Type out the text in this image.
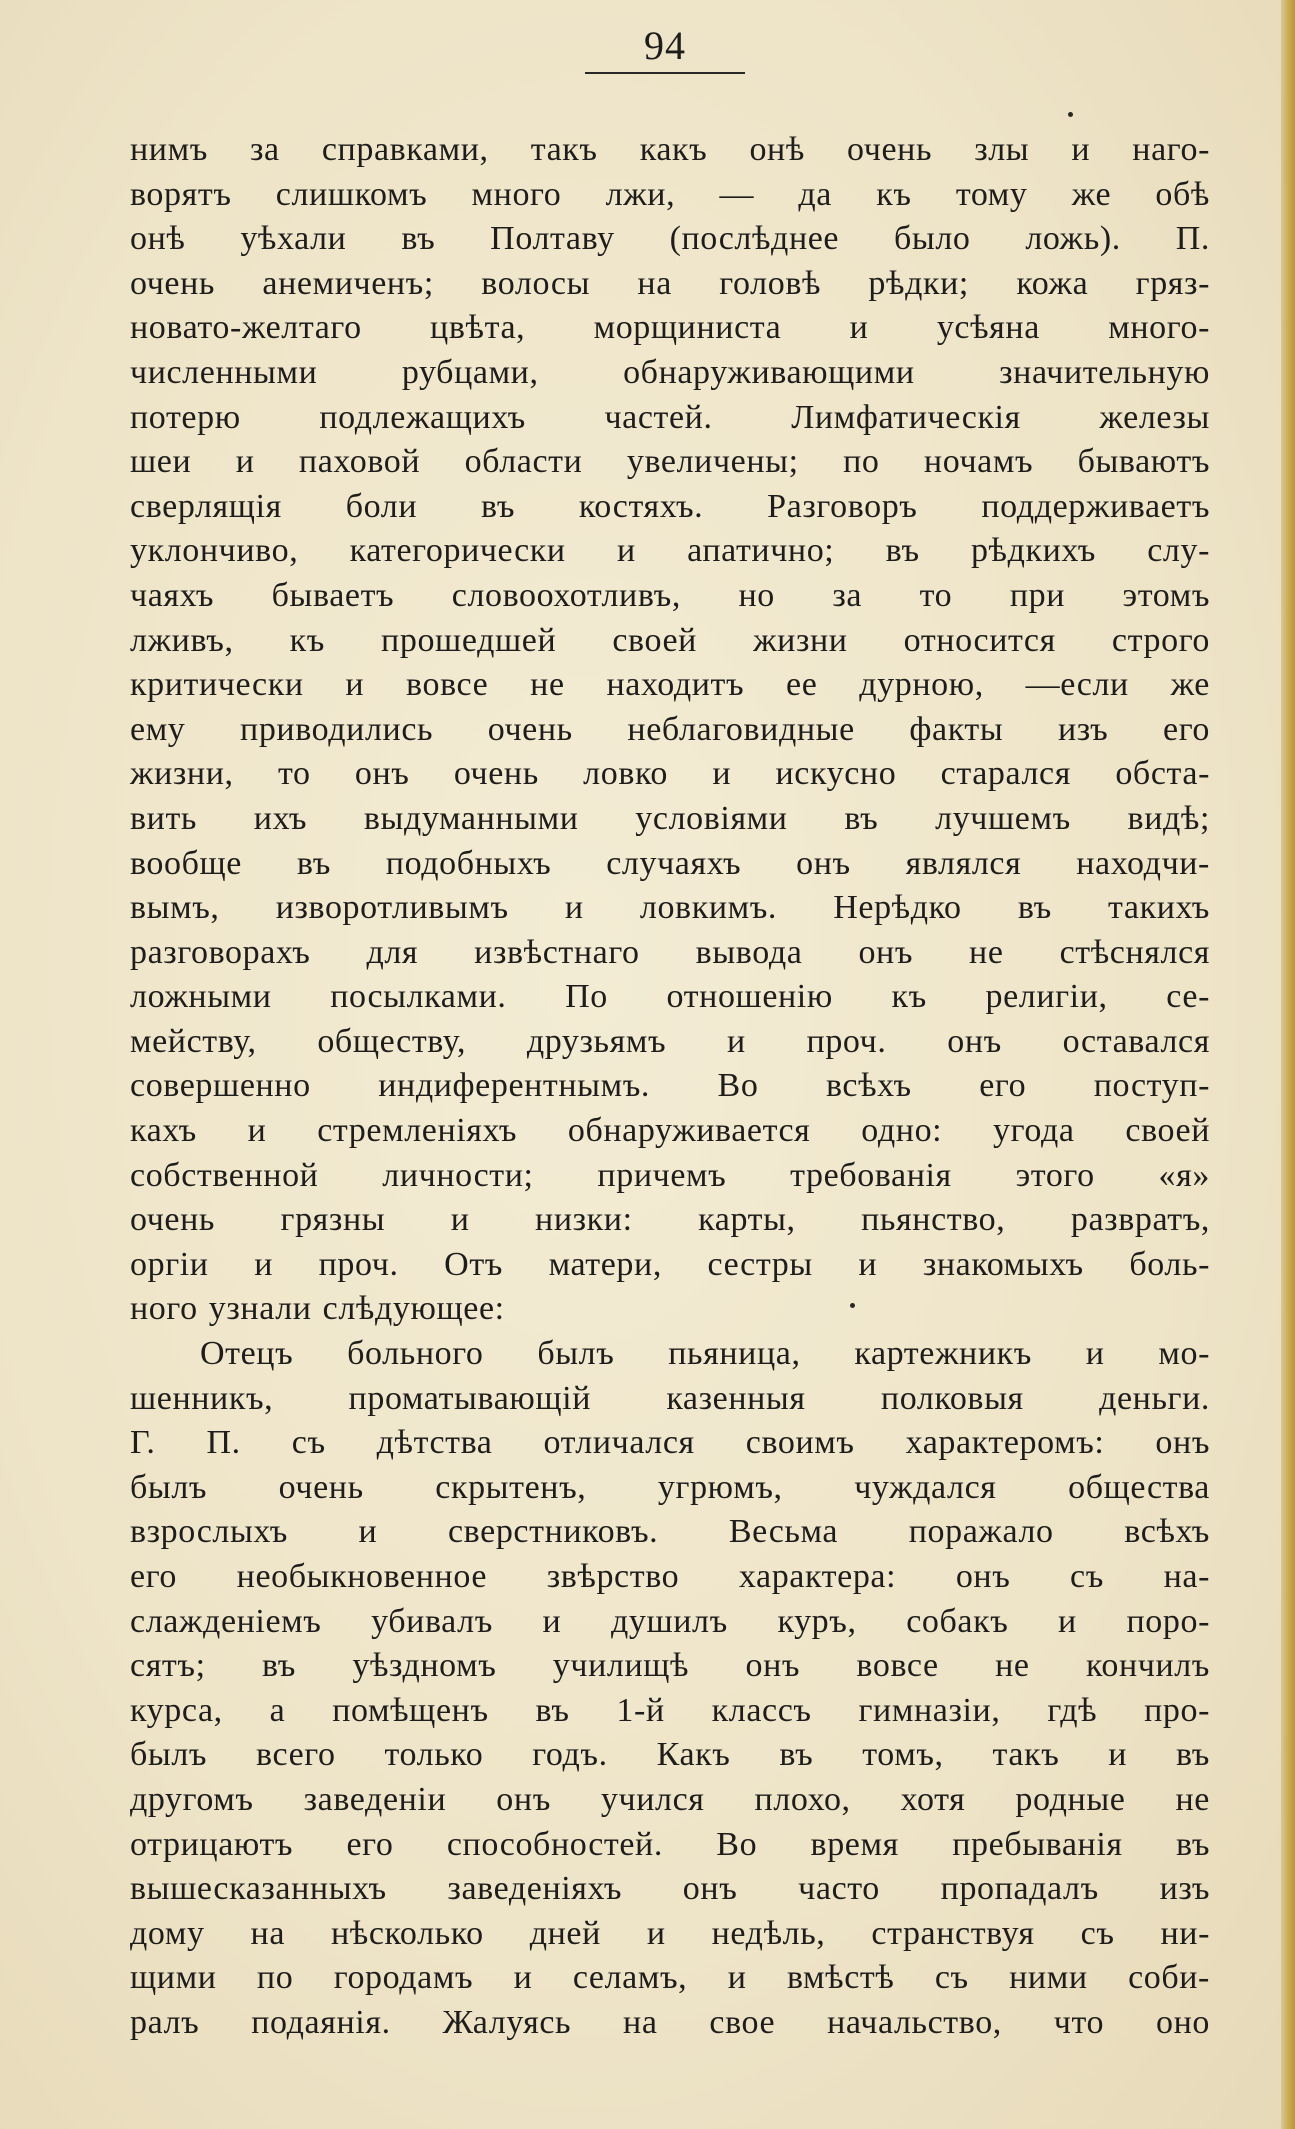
94
нимъ за справками, такъ какъ онѣ очень злы и наго-
ворятъ слишкомъ много лжи, — да къ тому же обѣ
онѣ уѣхали въ Полтаву (послѣднее было ложь). П.
очень анемиченъ; волосы на головѣ рѣдки; кожа гряз-
новато-желтаго цвѣта, морщиниста и усѣяна много-
численными рубцами, обнаруживающими значительную
потерю подлежащихъ частей. Лимфатическія железы
шеи и паховой области увеличены; по ночамъ бываютъ
сверлящія боли въ костяхъ. Разговоръ поддерживаетъ
уклончиво, категорически и апатично; въ рѣдкихъ слу-
чаяхъ бываетъ словоохотливъ, но за то при этомъ
лживъ, къ прошедшей своей жизни относится строго
критически и вовсе не находитъ ее дурною, —если же
ему приводились очень неблаговидные факты изъ его
жизни, то онъ очень ловко и искусно старался обста-
вить ихъ выдуманными условіями въ лучшемъ видѣ;
вообще въ подобныхъ случаяхъ онъ являлся находчи-
вымъ, изворотливымъ и ловкимъ. Нерѣдко въ такихъ
разговорахъ для извѣстнаго вывода онъ не стѣснялся
ложными посылками. По отношенію къ религіи, се-
мейству, обществу, друзьямъ и проч. онъ оставался
совершенно индиферентнымъ. Во всѣхъ его поступ-
кахъ и стремленіяхъ обнаруживается одно: угода своей
собственной личности; причемъ требованія этого «я»
очень грязны и низки: карты, пьянство, развратъ,
оргіи и проч. Отъ матери, сестры и знакомыхъ боль-
ного узнали слѣдующее:
Отецъ больного былъ пьяница, картежникъ и мо-
шенникъ, проматывающій казенныя полковыя деньги.
Г. П. съ дѣтства отличался своимъ характеромъ: онъ
былъ очень скрытенъ, угрюмъ, чуждался общества
взрослыхъ и сверстниковъ. Весьма поражало всѣхъ
его необыкновенное звѣрство характера: онъ съ на-
слажденіемъ убивалъ и душилъ куръ, собакъ и поро-
сятъ; въ уѣздномъ училищѣ онъ вовсе не кончилъ
курса, а помѣщенъ въ 1-й классъ гимназіи, гдѣ про-
былъ всего только годъ. Какъ въ томъ, такъ и въ
другомъ заведеніи онъ учился плохо, хотя родные не
отрицаютъ его способностей. Во время пребыванія въ
вышесказанныхъ заведеніяхъ онъ часто пропадалъ изъ
дому на нѣсколько дней и недѣль, странствуя съ ни-
щими по городамъ и селамъ, и вмѣстѣ съ ними соби-
ралъ подаянія. Жалуясь на свое начальство, что оно
